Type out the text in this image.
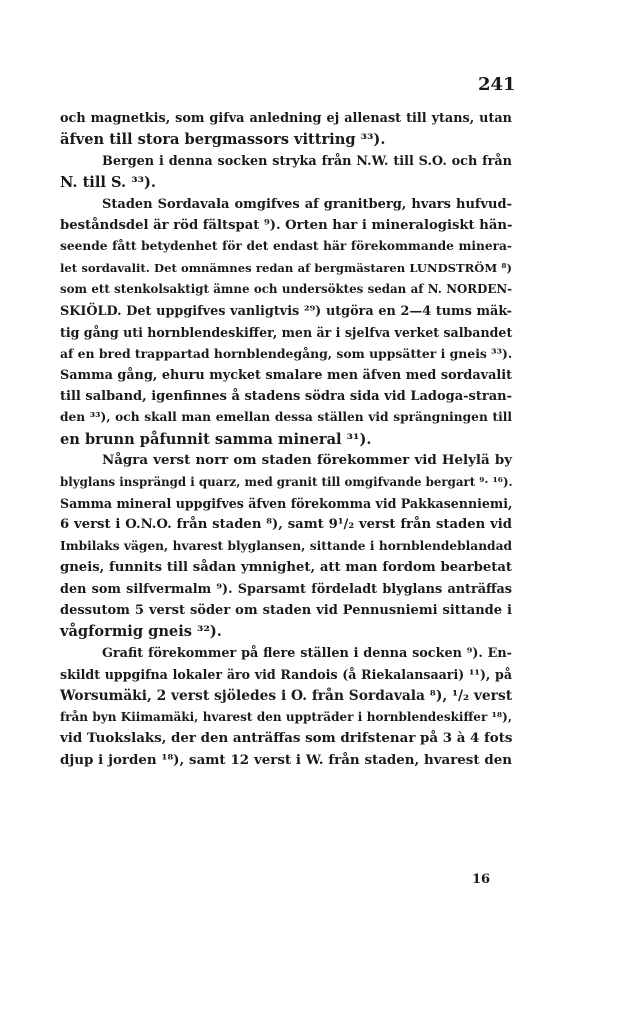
241
och magnetkis, som gifva anledning ej allenast till ytans, utan
äfven till stora bergmassors vittring ³³).
Bergen i denna socken stryka från N.W. till S.O. och från
N. till S. ³³).
Staden Sordavala omgifves af granitberg, hvars hufvud-
beståndsdel är röd fältspat ⁹). Orten har i mineralogiskt hän-
seende fått betydenhet för det endast här förekommande minera-
let sordavalit. Det omnämnes redan af bergmästaren LUNDSTRÖM ⁸)
som ett stenkolsaktigt ämne och undersöktes sedan af N. NORDEN-
SKIÖLD. Det uppgifves vanligtvis ²⁹) utgöra en 2—4 tums mäk-
tig gång uti hornblendeskiffer, men är i sjelfva verket salbandet
af en bred trappartad hornblendegång, som uppsätter i gneis ³³).
Samma gång, ehuru mycket smalare men äfven med sordavalit
till salband, igenfinnes å stadens södra sida vid Ladoga-stran-
den ³³), och skall man emellan dessa ställen vid sprängningen till
en brunn påfunnit samma mineral ³¹).
Några verst norr om staden förekommer vid Helylä by
blyglans insprängd i quarz, med granit till omgifvande bergart ⁹· ¹⁶).
Samma mineral uppgifves äfven förekomma vid Pakkasenniemi,
6 verst i O.N.O. från staden ⁸), samt 9¹/₂ verst från staden vid
Imbilaks vägen, hvarest blyglansen, sittande i hornblendeblandad
gneis, funnits till sådan ymnighet, att man fordom bearbetat
den som silfvermalm ⁹). Sparsamt fördeladt blyglans anträffas
dessutom 5 verst söder om staden vid Pennusniemi sittande i
vågformig gneis ³²).
Grafit förekommer på flere ställen i denna socken ⁹). En-
skildt uppgifna lokaler äro vid Randois (å Riekalansaari) ¹¹), på
Worsumäki, 2 verst sjöledes i O. från Sordavala ⁸), ¹/₂ verst
från byn Kiimamäki, hvarest den uppträder i hornblendeskiffer ¹⁸),
vid Tuokslaks, der den anträffas som drifstenar på 3 à 4 fots
djup i jorden ¹⁸), samt 12 verst i W. från staden, hvarest den
16
